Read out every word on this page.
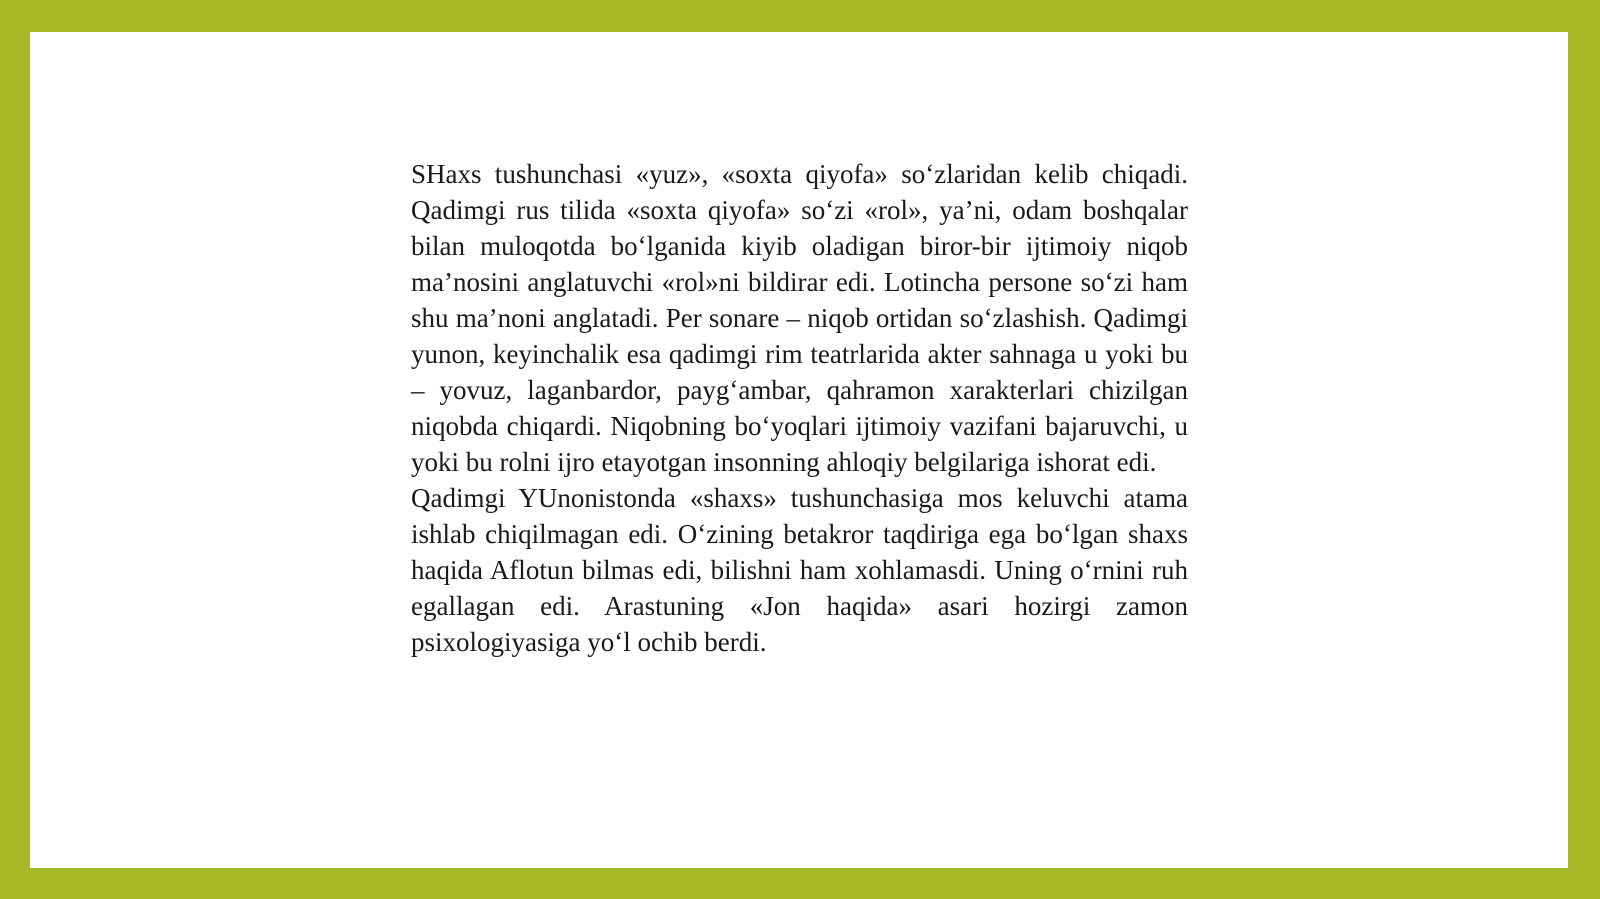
SHaxs tushunchasi «yuz», «soxta qiyofa» so‘zlaridan kelib chiqadi. Qadimgi rus tilida «soxta qiyofa» so‘zi «rol», ya’ni, odam boshqalar bilan muloqotda bo‘lganida kiyib oladigan biror-bir ijtimoiy niqob ma’nosini anglatuvchi «rol»ni bildirar edi. Lotincha persone so‘zi ham shu ma’noni anglatadi. Per sonare – niqob ortidan so‘zlashish. Qadimgi yunon, keyinchalik esa qadimgi rim teatrlarida akter sahnaga u yoki bu – yovuz, laganbardor, payg‘ambar, qahramon xarakterlari chizilgan niqobda chiqardi. Niqobning bo‘yoqlari ijtimoiy vazifani bajaruvchi, u yoki bu rolni ijro etayotgan insonning ahloqiy belgilariga ishorat edi.

Qadimgi YUnonistonda «shaxs» tushunchasiga mos keluvchi atama ishlab chiqilmagan edi. O‘zining betakror taqdiriga ega bo‘lgan shaxs haqida Aflotun bilmas edi, bilishni ham xohlamasdi. Uning o‘rnini ruh egallagan edi. Arastuning «Jon haqida» asari hozirgi zamon psixologiyasiga yo‘l ochib berdi.
